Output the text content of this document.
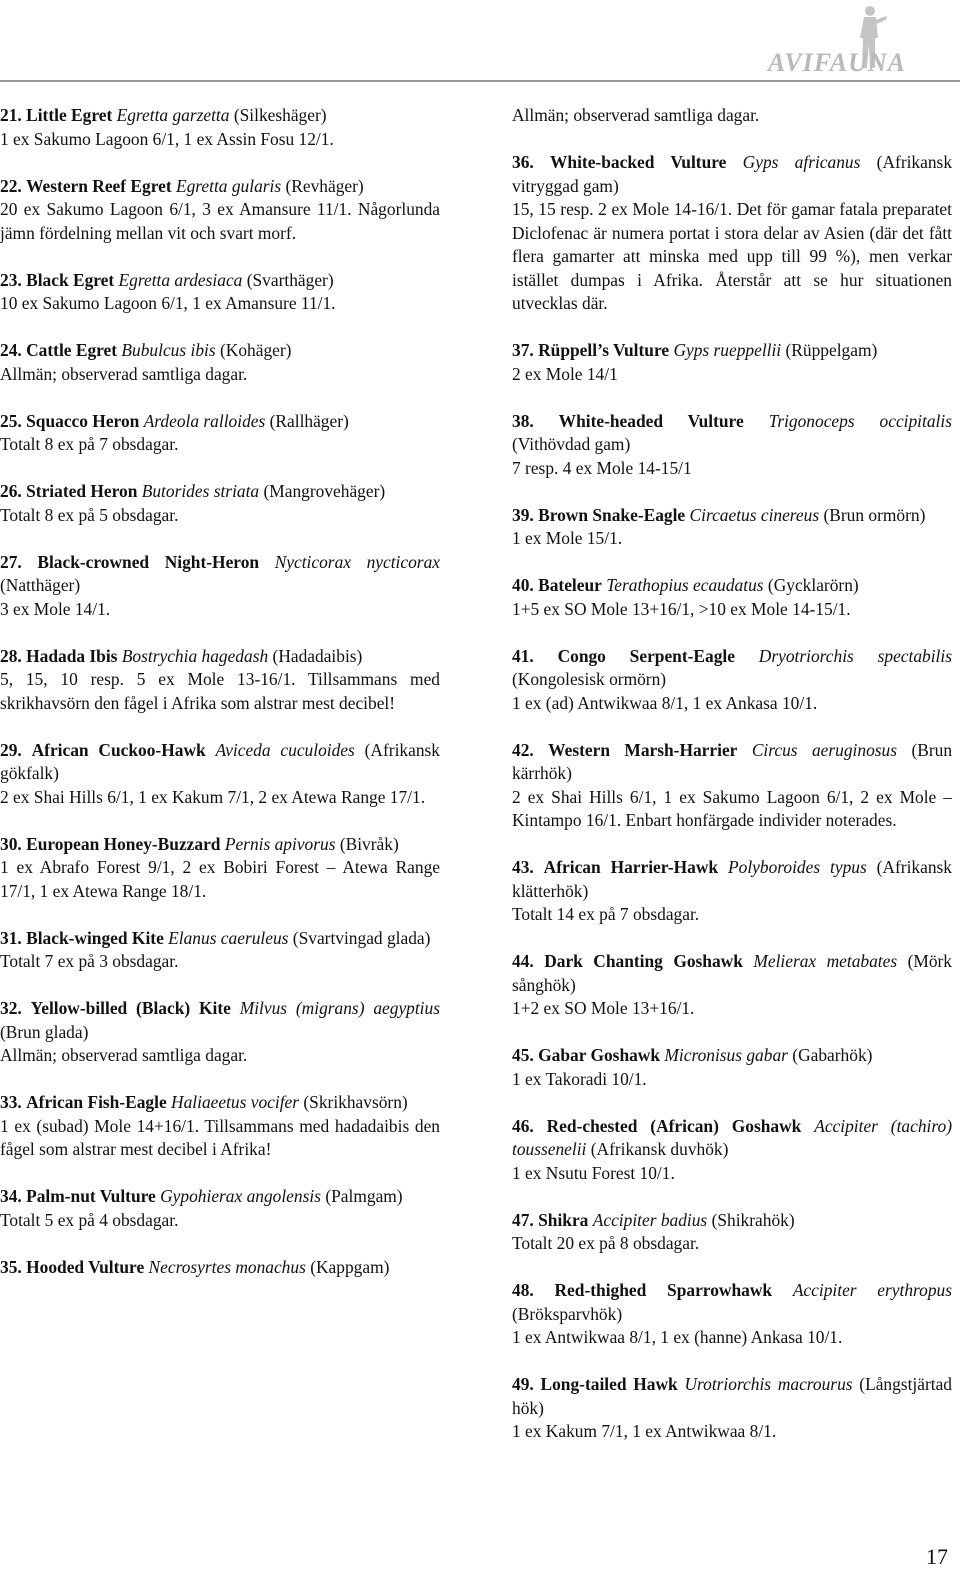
AVIFAUNA
21. Little Egret Egretta garzetta (Silkeshäger)
1 ex Sakumo Lagoon 6/1, 1 ex Assin Fosu 12/1.
22. Western Reef Egret Egretta gularis (Revhäger)
20 ex Sakumo Lagoon 6/1, 3 ex Amansure 11/1. Någorlunda jämn fördelning mellan vit och svart morf.
23. Black Egret Egretta ardesiaca (Svarthäger)
10 ex Sakumo Lagoon 6/1, 1 ex Amansure 11/1.
24. Cattle Egret Bubulcus ibis (Kohäger)
Allmän; observerad samtliga dagar.
25. Squacco Heron Ardeola ralloides (Rallhäger)
Totalt 8 ex på 7 obsdagar.
26. Striated Heron Butorides striata (Mangrovehäger)
Totalt 8 ex på 5 obsdagar.
27. Black-crowned Night-Heron Nycticorax nycticorax (Natthäger)
3 ex Mole 14/1.
28. Hadada Ibis Bostrychia hagedash (Hadadaibis)
5, 15, 10 resp. 5 ex Mole 13-16/1. Tillsammans med skrikhavsörn den fågel i Afrika som alstrar mest decibel!
29. African Cuckoo-Hawk Aviceda cuculoides (Afrikansk gökfalk)
2 ex Shai Hills 6/1, 1 ex Kakum 7/1, 2 ex Atewa Range 17/1.
30. European Honey-Buzzard Pernis apivorus (Bivråk)
1 ex Abrafo Forest 9/1, 2 ex Bobiri Forest – Atewa Range 17/1, 1 ex Atewa Range 18/1.
31. Black-winged Kite Elanus caeruleus (Svartvingad glada)
Totalt 7 ex på 3 obsdagar.
32. Yellow-billed (Black) Kite Milvus (migrans) aegyptius (Brun glada)
Allmän; observerad samtliga dagar.
33. African Fish-Eagle Haliaeetus vocifer (Skrikhavsörn)
1 ex (subad) Mole 14+16/1. Tillsammans med hadadaibis den fågel som alstrar mest decibel i Afrika!
34. Palm-nut Vulture Gypohierax angolensis (Palmgam)
Totalt 5 ex på 4 obsdagar.
35. Hooded Vulture Necrosyrtes monachus (Kappgam)
Allmän; observerad samtliga dagar.
36. White-backed Vulture Gyps africanus (Afrikansk vitryggad gam)
15, 15 resp. 2 ex Mole 14-16/1. Det för gamar fatala preparatet Diclofenac är numera portat i stora delar av Asien (där det fått flera gamarter att minska med upp till 99 %), men verkar istället dumpas i Afrika. Återstår att se hur situationen utvecklas där.
37. Rüppell’s Vulture Gyps rueppellii (Rüppelgam)
2 ex Mole 14/1
38. White-headed Vulture Trigonoceps occipitalis (Vithövdad gam)
7 resp. 4 ex Mole 14-15/1
39. Brown Snake-Eagle Circaetus cinereus (Brun ormörn)
1 ex Mole 15/1.
40. Bateleur Terathopius ecaudatus (Gycklarörn)
1+5 ex SO Mole 13+16/1, >10 ex Mole 14-15/1.
41. Congo Serpent-Eagle Dryotriorchis spectabilis (Kongolesisk ormörn)
1 ex (ad) Antwikwaa 8/1, 1 ex Ankasa 10/1.
42. Western Marsh-Harrier Circus aeruginosus (Brun kärrhök)
2 ex Shai Hills 6/1, 1 ex Sakumo Lagoon 6/1, 2 ex Mole – Kintampo 16/1. Enbart honfärgade individer noterades.
43. African Harrier-Hawk Polyboroides typus (Afrikansk klätterhök)
Totalt 14 ex på 7 obsdagar.
44. Dark Chanting Goshawk Melierax metabates (Mörk sånghök)
1+2 ex SO Mole 13+16/1.
45. Gabar Goshawk Micronisus gabar (Gabarhök)
1 ex Takoradi 10/1.
46. Red-chested (African) Goshawk Accipiter (tachiro) toussenelii (Afrikansk duvhök)
1 ex Nsutu Forest 10/1.
47. Shikra Accipiter badius (Shikrahök)
Totalt 20 ex på 8 obsdagar.
48. Red-thighed Sparrowhawk Accipiter erythropus (Bröksparvhök)
1 ex Antwikwaa 8/1, 1 ex (hanne) Ankasa 10/1.
49. Long-tailed Hawk Urotriorchis macrourus (Långstjärtad hök)
1 ex Kakum 7/1, 1 ex Antwikwaa 8/1.
17
